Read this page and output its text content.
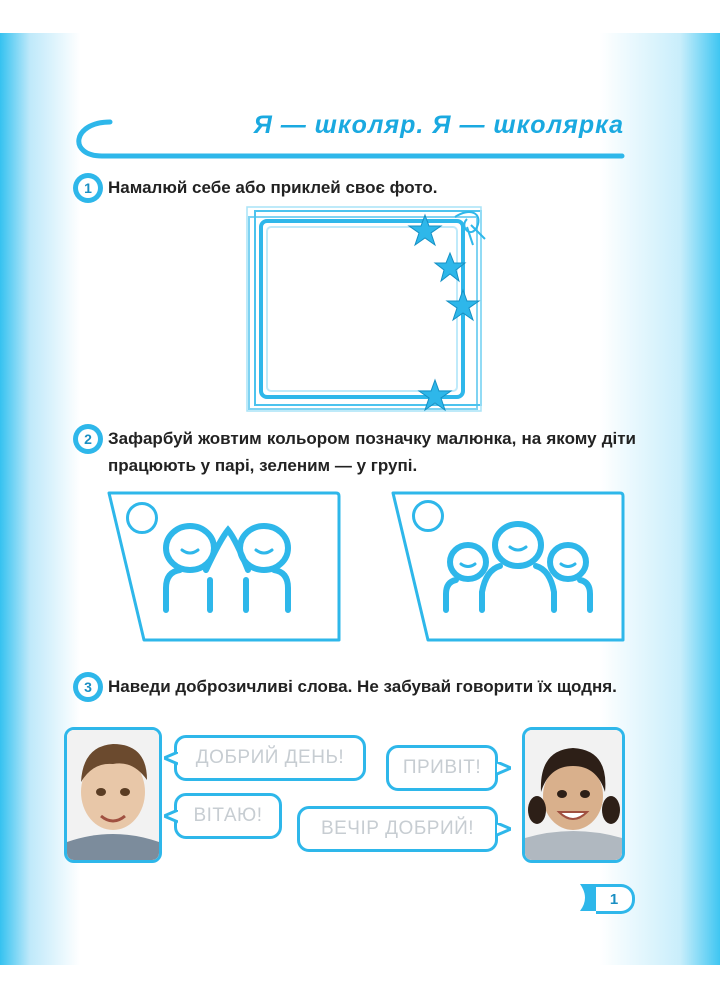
Я — школяр. Я — школярка
1 Намалюй себе або приклей своє фото.
2 Зафарбуй жовтим кольором позначку малюнка, на якому діти працюють у парі, зеленим — у групі.
3 Наведи доброзичливі слова. Не забувай говорити їх щодня.
ДОБРИЙ ДЕНЬ!	ПРИВІТ!
ВІТАЮ!
ВЕЧІР ДОБРИЙ!
1
